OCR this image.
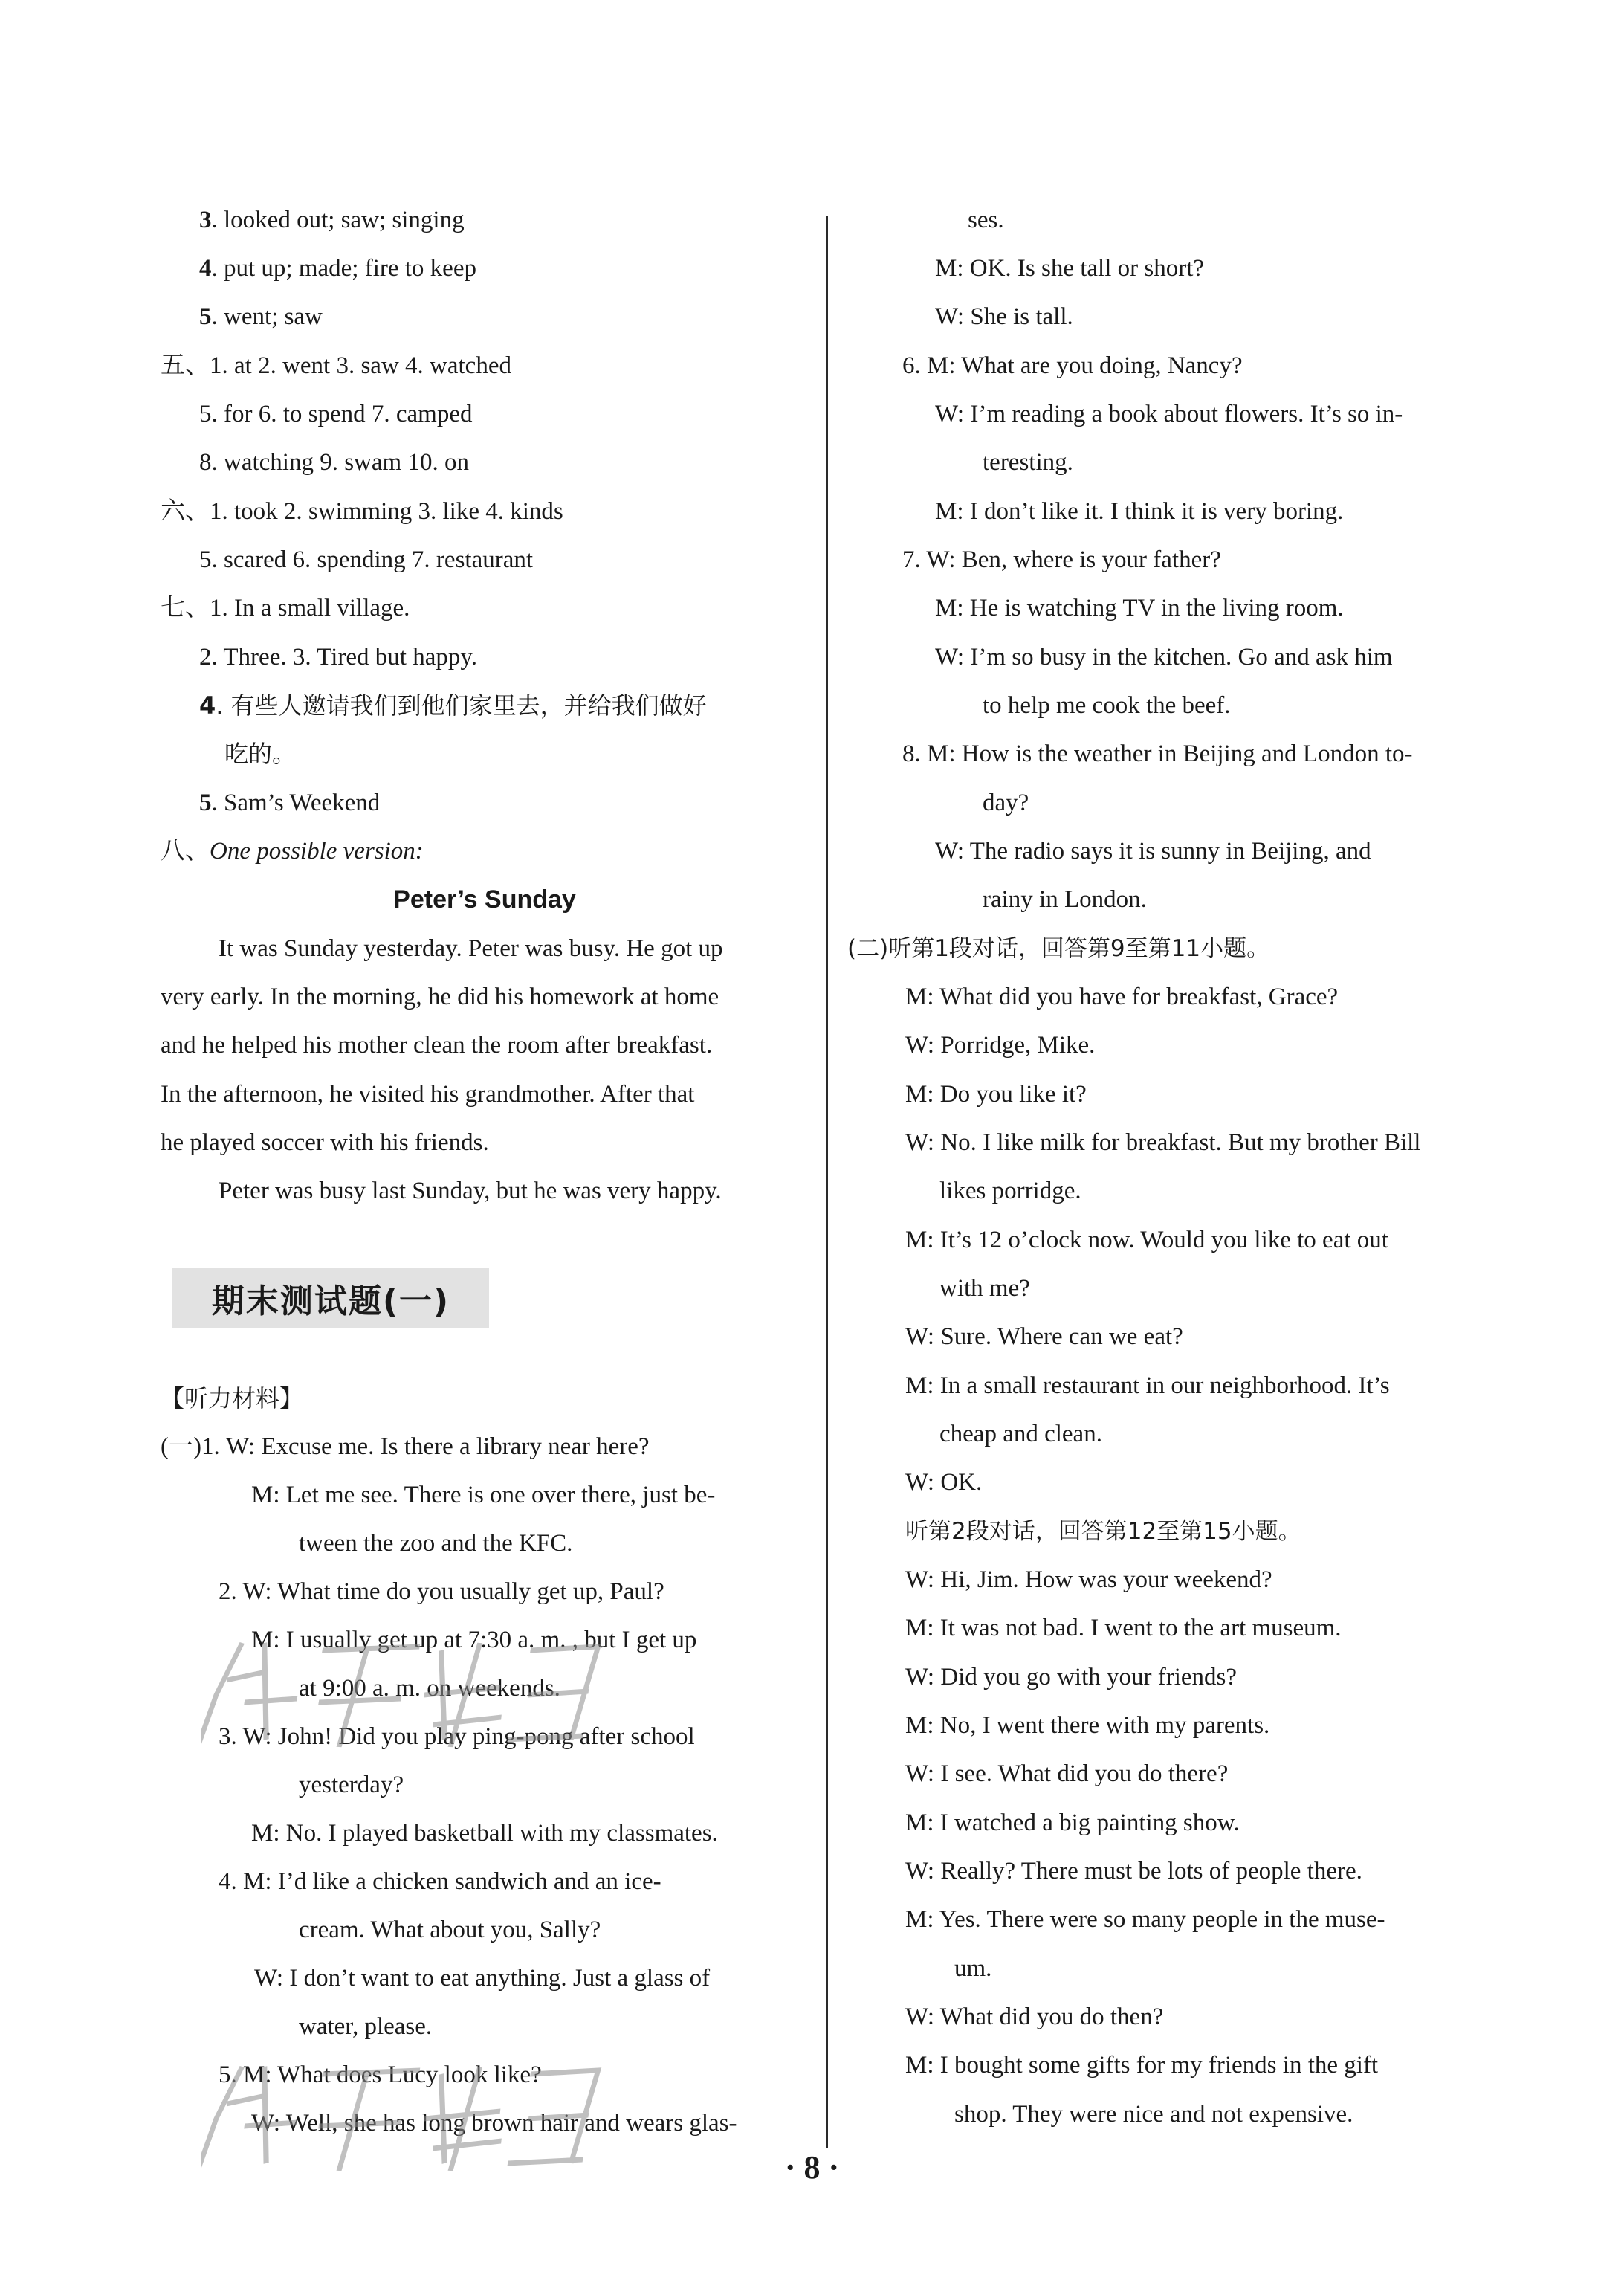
3. looked out; saw; singing
4. put up; made; fire to keep
5. went; saw
五、1. at 2. went 3. saw 4. watched
5. for 6. to spend 7. camped
8. watching 9. swam 10. on
六、1. took 2. swimming 3. like 4. kinds
5. scared 6. spending 7. restaurant
七、1. In a small village.
2. Three. 3. Tired but happy.
4. 有些人邀请我们到他们家里去，并给我们做好
吃的。
5. Sam’s Weekend
八、One possible version:
Peter’s Sunday
It was Sunday yesterday. Peter was busy. He got up
very early. In the morning, he did his homework at home
and he helped his mother clean the room after breakfast.
In the afternoon, he visited his grandmother. After that
he played soccer with his friends.
Peter was busy last Sunday, but he was very happy.
【听力材料】
(一)1. W: Excuse me. Is there a library near here?
M: Let me see. There is one over there, just be-
tween the zoo and the KFC.
2. W: What time do you usually get up, Paul?
M: I usually get up at 7:30 a. m. , but I get up
at 9:00 a. m. on weekends.
3. W: John! Did you play ping-pong after school
yesterday?
M: No. I played basketball with my classmates.
4. M: I’d like a chicken sandwich and an ice-
cream. What about you, Sally?
W: I don’t want to eat anything. Just a glass of
water, please.
5. M: What does Lucy look like?
W: Well, she has long brown hair and wears glas-
期末测试题(一)
ses.
M: OK. Is she tall or short?
W: She is tall.
6. M: What are you doing, Nancy?
W: I’m reading a book about flowers. It’s so in-
teresting.
M: I don’t like it. I think it is very boring.
7. W: Ben, where is your father?
M: He is watching TV in the living room.
W: I’m so busy in the kitchen. Go and ask him
to help me cook the beef.
8. M: How is the weather in Beijing and London to-
day?
W: The radio says it is sunny in Beijing, and
rainy in London.
(二)听第1段对话，回答第9至第11小题。
M: What did you have for breakfast, Grace?
W: Porridge, Mike.
M: Do you like it?
W: No. I like milk for breakfast. But my brother Bill
likes porridge.
M: It’s 12 o’clock now. Would you like to eat out
with me?
W: Sure. Where can we eat?
M: In a small restaurant in our neighborhood. It’s
cheap and clean.
W: OK.
听第2段对话，回答第12至第15小题。
W: Hi, Jim. How was your weekend?
M: It was not bad. I went to the art museum.
W: Did you go with your friends?
M: No, I went there with my parents.
W: I see. What did you do there?
M: I watched a big painting show.
W: Really? There must be lots of people there.
M: Yes. There were so many people in the muse-
um.
W: What did you do then?
M: I bought some gifts for my friends in the gift
shop. They were nice and not expensive.
· 8 ·
